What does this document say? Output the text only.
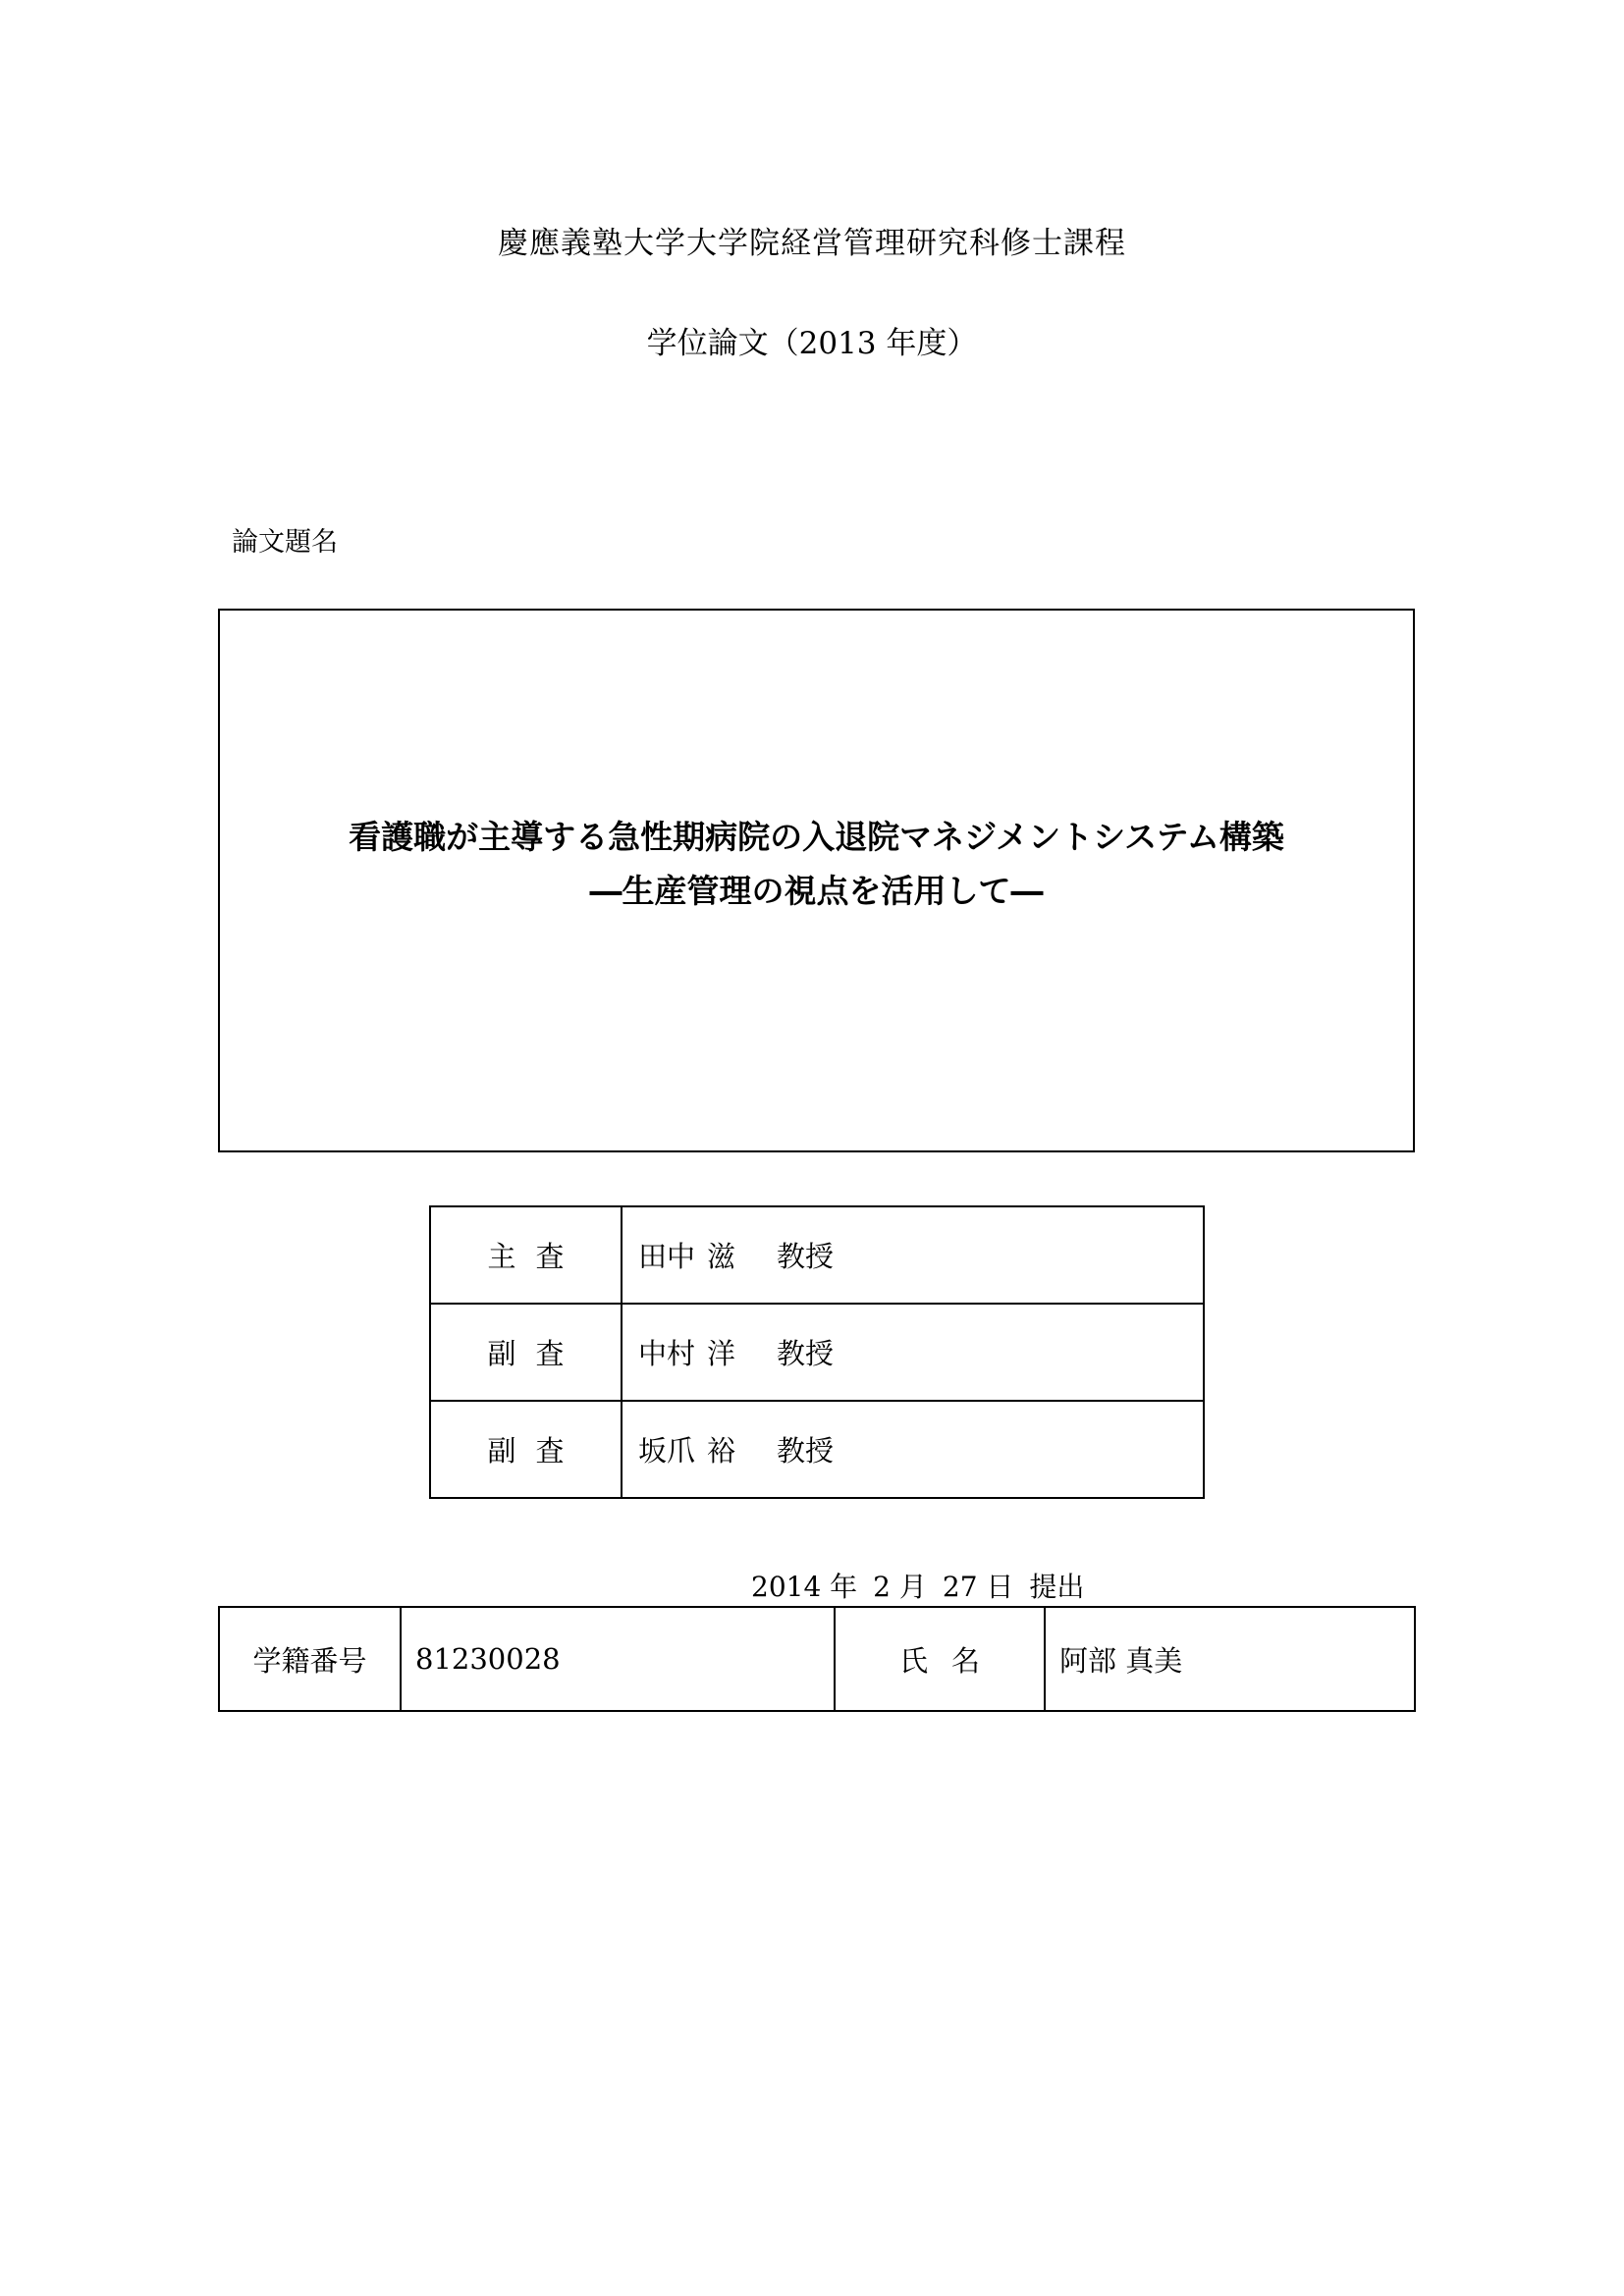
慶應義塾大学大学院経営管理研究科修士課程
学位論文（2013 年度）
論文題名
看護職が主導する急性期病院の入退院マネジメントシステム構築
―生産管理の視点を活用して―
主査	田中 滋 教授
副査	中村 洋 教授
副査	坂爪 裕 教授
2014 年 2 月 27 日 提出
学籍番号	81230028	氏名	阿部 真美
